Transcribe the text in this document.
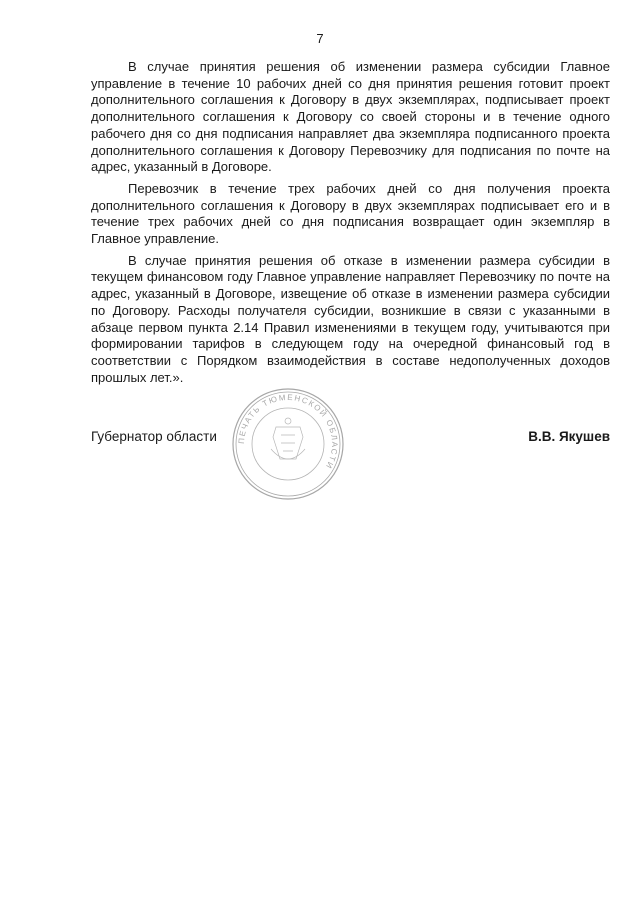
7

В случае принятия решения об изменении размера субсидии Главное управление в течение 10 рабочих дней со дня принятия решения готовит проект дополнительного соглашения к Договору в двух экземплярах, подписывает проект дополнительного соглашения к Договору со своей стороны и в течение одного рабочего дня со дня подписания направляет два экземпляра подписанного проекта дополнительного соглашения к Договору Перевозчику для подписания по почте на адрес, указанный в Договоре.

Перевозчик в течение трех рабочих дней со дня получения проекта дополнительного соглашения к Договору в двух экземплярах подписывает его и в течение трех рабочих дней со дня подписания возвращает один экземпляр в Главное управление.

В случае принятия решения об отказе в изменении размера субсидии в текущем финансовом году Главное управление направляет Перевозчику по почте на адрес, указанный в Договоре, извещение об отказе в изменении размера субсидии по Договору. Расходы получателя субсидии, возникшие в связи с указанными в абзаце первом пункта 2.14 Правил изменениями в текущем году, учитываются при формировании тарифов в следующем году на очередной финансовый год в соответствии с Порядком взаимодействия в составе недополученных доходов прошлых лет.».

ПЕЧАТЬ ТЮМЕНСКОЙ ОБЛАСТИ
Губернатор области	В.В. Якушев
